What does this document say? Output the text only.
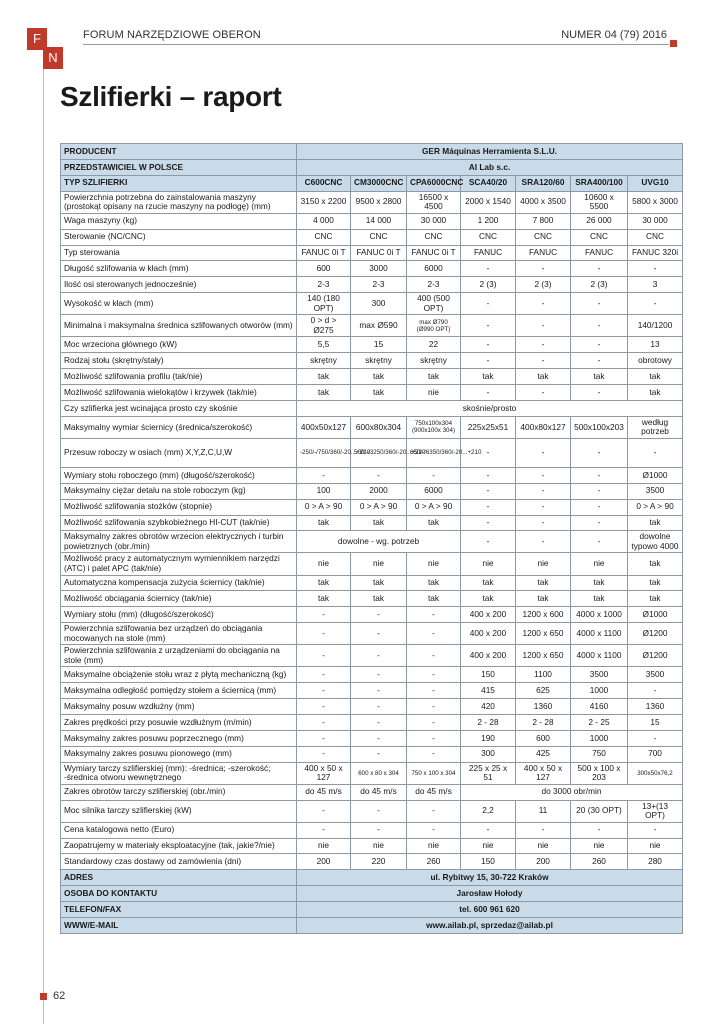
F
N
FORUM NARZĘDZIOWE OBERON	NUMER 04 (79) 2016
Szlifierki – raport
PRODUCENT	GER Máquinas Herramienta S.L.U.						
PRZEDSTAWICIEL W POLSCE	AI Lab s.c.						
TYP SZLIFIERKI	C600CNC	CM3000CNC	CPA6000CNC	SCA40/20	SRA120/60	SRA400/100	UVG10
Powierzchnia potrzebna do zainstalowania maszyny (prostokąt opisany na rzucie maszyny na podłogę) (mm)	3150 x 2200	9500 x 2800	16500 x 4500	2000 x 1540	4000 x 3500	10600 x 5500	5800 x 3000
Waga maszyny (kg)	4 000	14 000	30 000	1 200	7 800	26 000	30 000
Sterowanie (NC/CNC)	CNC	CNC	CNC	CNC	CNC	CNC	CNC
Typ sterowania	FANUC 0i T	FANUC 0i T	FANUC 0i T	FANUC	FANUC	FANUC	FANUC 320i
Długość szlifowania w kłach (mm)	600	3000	6000	-	-	-	-
Ilość osi sterowanych jednocześnie)	2-3	2-3	2-3	2 (3)	2 (3)	2 (3)	3
Wysokość w kłach (mm)	140 (180 OPT)	300	400 (500 OPT)	-	-	-	-
Minimalna i maksymalna średnica szlifowanych otworów (mm)	0 > d > Ø275	max Ø590	max Ø790 (Ø990 OPT)	-	-	-	140/1200
Moc wrzeciona głównego (kW)	5,5	15	22	-	-	-	13
Rodzaj stołu (skrętny/stały)	skrętny	skrętny	skrętny	-	-	-	obrotowy
Możliwość szlifowania profilu (tak/nie)	tak	tak	tak	tak	tak	tak	tak
Możliwość szlifowania wielokątów i krzywek (tak/nie)	tak	tak	nie	-	-	-	tak
Czy szlifierka jest wcinająca prosto czy skośnie	skośnie/prosto						
Maksymalny wymiar ściernicy (średnica/szerokość)	400x50x127	600x80x304	750x100x304 (900x100x 304)	225x25x51	400x80x127	500x100x203	według potrzeb
Przesuw roboczy w osiach (mm) X,Y,Z,C,U,W	-250/-/750/360/-20...+210	500/-/3250/360/-20...+210	650/-/6350/360/-20...+210	-	-	-	-
Wymiary stołu roboczego (mm) (długość/szerokość)	-	-	-	-	-	-	Ø1000
Maksymalny ciężar detalu na stole roboczym (kg)	100	2000	6000	-	-	-	3500
Możliwość szlifowania stożków (stopnie)	0 > A > 90	0 > A > 90	0 > A > 90	-	-	-	0 > A > 90
Możliwość szlifowania szybkobieżnego HI-CUT (tak/nie)	tak	tak	tak	-	-	-	tak
Maksymalny zakres obrotów wrzecion elektrycznych i turbin powietrznych (obr./min)	dowolne - wg. potrzeb			-	-	-	dowolne typowo 4000
Możliwość pracy z automatycznym wymiennikiem narzędzi (ATC) i palet APC (tak/nie)	nie	nie	nie	nie	nie	nie	tak
Automatyczna kompensacja zużycia ściernicy (tak/nie)	tak	tak	tak	tak	tak	tak	tak
Możliwość obciągania ściernicy (tak/nie)	tak	tak	tak	tak	tak	tak	tak
Wymiary stołu (mm) (długość/szerokość)	-	-	-	400 x 200	1200 x 600	4000 x 1000	Ø1000
Powierzchnia szlifowania bez urządzeń do obciągania mocowanych na stole (mm)	-	-	-	400 x 200	1200 x 650	4000 x 1100	Ø1200
Powierzchnia szlifowania z urządzeniami do obciągania na stole (mm)	-	-	-	400 x 200	1200 x 650	4000 x 1100	Ø1200
Maksymalne obciążenie stołu wraz z płytą mechaniczną (kg)	-	-	-	150	1100	3500	3500
Maksymalna odległość pomiędzy stołem a ściernicą (mm)	-	-	-	415	625	1000	-
Maksymalny posuw wzdłużny (mm)	-	-	-	420	1360	4160	1360
Zakres prędkości przy posuwie wzdłużnym (m/min)	-	-	-	2 - 28	2 - 28	2 - 25	15
Maksymalny zakres posuwu poprzecznego (mm)	-	-	-	190	600	1000	-
Maksymalny zakres posuwu pionowego (mm)	-	-	-	300	425	750	700
Wymiary tarczy szlifierskiej (mm): -średnica; -szerokość; -średnica otworu wewnętrznego	400 x 50 x 127	600 x 80 x 304	750 x 100 x 304	225 x 25 x 51	400 x 50 x 127	500 x 100 x 203	300x50x76,2
Zakres obrotów tarczy szlifierskiej (obr./min)	do 45 m/s	do 45 m/s	do 45 m/s	do 3000 obr/min			
Moc silnika tarczy szlifierskiej (kW)	-	-	-	2,2	11	20 (30 OPT)	13+(13 OPT)
Cena katalogowa netto (Euro)	-	-	-	-	-	-	-
Zaopatrujemy w materiały eksploatacyjne (tak, jakie?/nie)	nie	nie	nie	nie	nie	nie	nie
Standardowy czas dostawy od zamówienia (dni)	200	220	260	150	200	260	280
ADRES	ul. Rybitwy 15, 30-722 Kraków						
OSOBA DO KONTAKTU	Jarosław Hołody						
TELEFON/FAX	tel. 600 961 620						
WWW/E-MAIL	www.ailab.pl, sprzedaz@ailab.pl						
62
